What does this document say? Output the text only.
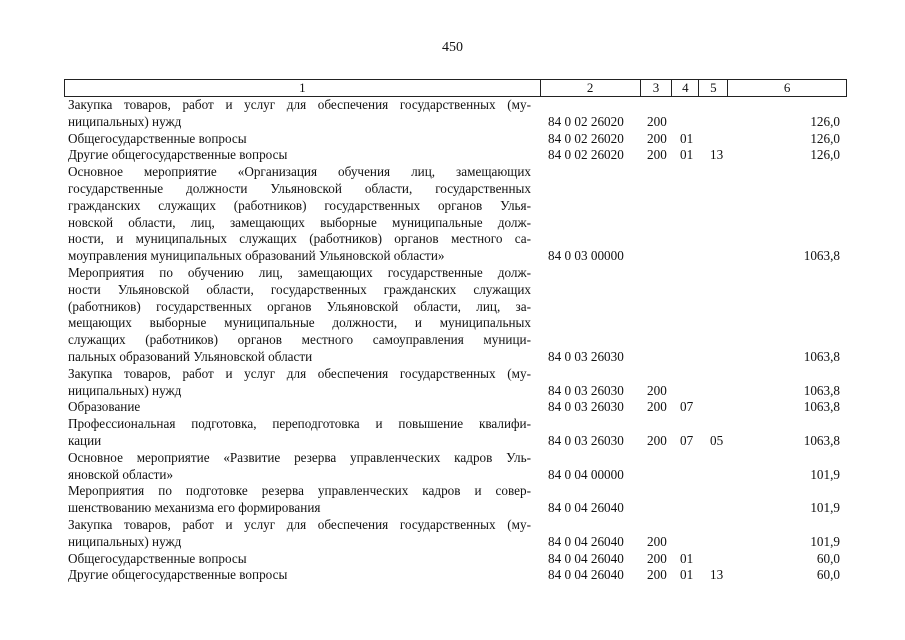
450
1	2	3	4	5	6
Закупка товаров, работ и услуг для обеспечения государственных (му-
ниципальных) нужд	84 0 02 26020 200	126,0
Общегосударственные вопросы	84 0 02 26020 200 01	126,0
Другие общегосударственные вопросы	84 0 02 26020 200 01 13	126,0
Основное мероприятие «Организация обучения лиц, замещающих
государственные должности Ульяновской области, государственных
гражданских служащих (работников) государственных органов Улья-
новской области, лиц, замещающих выборные муниципальные долж-
ности, и муниципальных служащих (работников) органов местного са-
моуправления муниципальных образований Ульяновской области»	84 0 03 00000	1063,8
Мероприятия по обучению лиц, замещающих государственные долж-
ности Ульяновской области, государственных гражданских служащих
(работников) государственных органов Ульяновской области, лиц, за-
мещающих выборные муниципальные должности, и муниципальных
служащих (работников) органов местного самоуправления муници-
пальных образований Ульяновской области	84 0 03 26030	1063,8
Закупка товаров, работ и услуг для обеспечения государственных (му-
ниципальных) нужд	84 0 03 26030 200	1063,8
Образование	84 0 03 26030 200 07	1063,8
Профессиональная подготовка, переподготовка и повышение квалифи-
кации	84 0 03 26030 200 07 05	1063,8
Основное мероприятие «Развитие резерва управленческих кадров Уль-
яновской области»	84 0 04 00000	101,9
Мероприятия по подготовке резерва управленческих кадров и совер-
шенствованию механизма его формирования	84 0 04 26040	101,9
Закупка товаров, работ и услуг для обеспечения государственных (му-
ниципальных) нужд	84 0 04 26040 200	101,9
Общегосударственные вопросы	84 0 04 26040 200 01	60,0
Другие общегосударственные вопросы	84 0 04 26040 200 01 13	60,0
